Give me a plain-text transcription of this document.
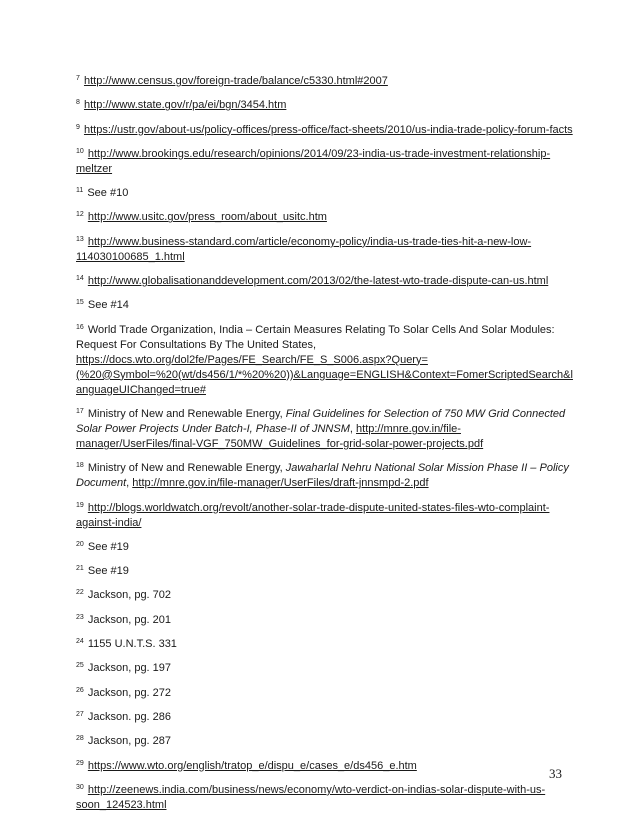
$^7$ http://www.census.gov/foreign-trade/balance/c5330.html#2007

$^8$ http://www.state.gov/r/pa/ei/bgn/3454.htm

$^9$ https://ustr.gov/about-us/policy-offices/press-office/fact-sheets/2010/us-india-trade-policy-forum-facts

$^{10}$ http://www.brookings.edu/research/opinions/2014/09/23-india-us-trade-investment-relationship-meltzer

$^{11}$ See #10

$^{12}$ http://www.usitc.gov/press_room/about_usitc.htm

$^{13}$ http://www.business-standard.com/article/economy-policy/india-us-trade-ties-hit-a-new-low-114030100685_1.html

$^{14}$ http://www.globalisationanddevelopment.com/2013/02/the-latest-wto-trade-dispute-can-us.html

$^{15}$ See #14

$^{16}$ World Trade Organization, India – Certain Measures Relating To Solar Cells And Solar Modules: Request For Consultations By The United States, https://docs.wto.org/dol2fe/Pages/FE_Search/FE_S_S006.aspx?Query=(%20@Symbol=%20(wt/ds456/1/*%20%20))&Language=ENGLISH&Context=FomerScriptedSearch&languageUIChanged=true#

$^{17}$ Ministry of New and Renewable Energy, Final Guidelines for Selection of 750 MW Grid Connected Solar Power Projects Under Batch-I, Phase-II of JNNSM, http://mnre.gov.in/file-manager/UserFiles/final-VGF_750MW_Guidelines_for-grid-solar-power-projects.pdf

$^{18}$ Ministry of New and Renewable Energy, Jawaharlal Nehru National Solar Mission Phase II – Policy Document, http://mnre.gov.in/file-manager/UserFiles/draft-jnnsmpd-2.pdf

$^{19}$ http://blogs.worldwatch.org/revolt/another-solar-trade-dispute-united-states-files-wto-complaint-against-india/

$^{20}$ See #19

$^{21}$ See #19

$^{22}$ Jackson, pg. 702

$^{23}$ Jackson, pg. 201

$^{24}$ 1155 U.N.T.S. 331

$^{25}$ Jackson, pg. 197

$^{26}$ Jackson, pg. 272

$^{27}$ Jackson. pg. 286

$^{28}$ Jackson, pg. 287

$^{29}$ https://www.wto.org/english/tratop_e/dispu_e/cases_e/ds456_e.htm

$^{30}$ http://zeenews.india.com/business/news/economy/wto-verdict-on-indias-solar-dispute-with-us-soon_124523.html

33
